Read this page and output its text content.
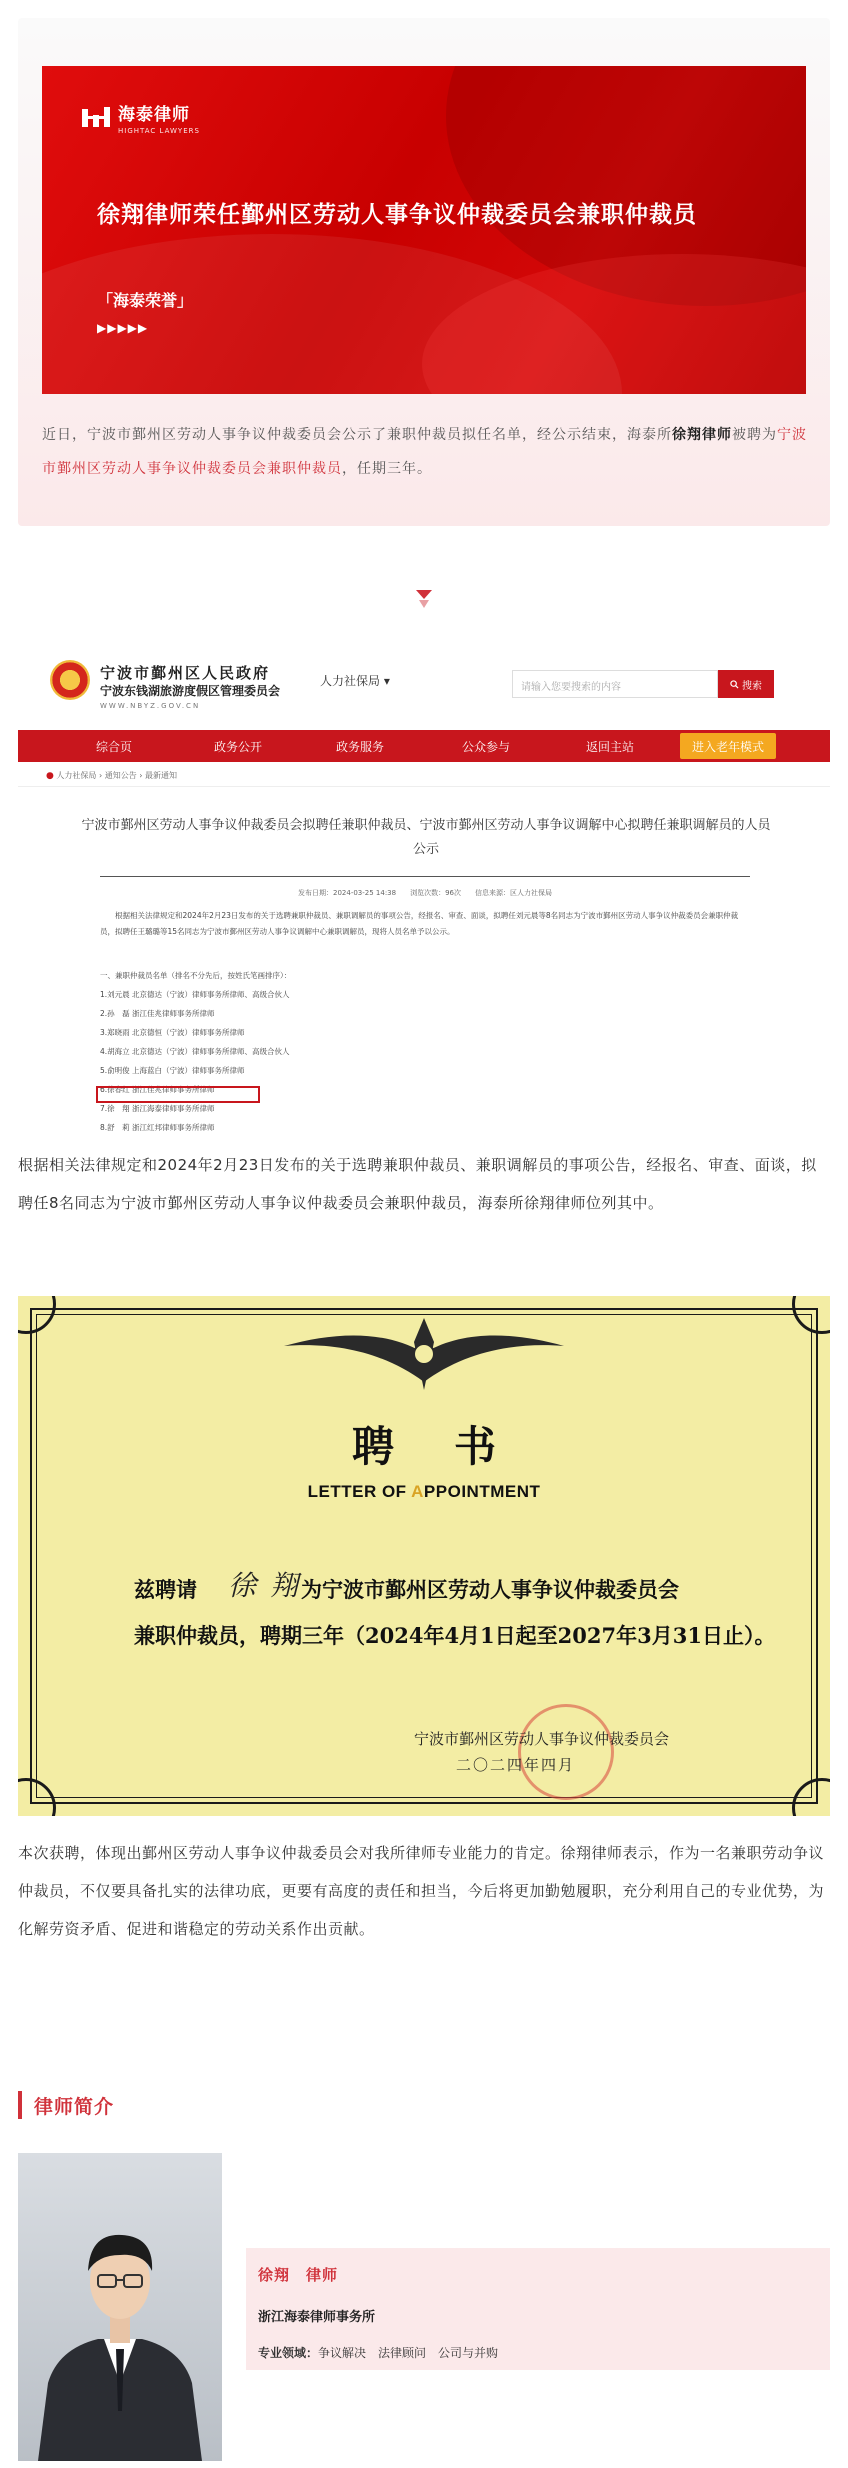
海泰律师
HIGHTAC LAWYERS
徐翔律师荣任鄞州区劳动人事争议仲裁委员会兼职仲裁员
「海泰荣誉」
▶▶▶▶▶
近日，宁波市鄞州区劳动人事争议仲裁委员会公示了兼职仲裁员拟任名单，经公示结束，海泰所徐翔律师被聘为宁波市鄞州区劳动人事争议仲裁委员会兼职仲裁员，任期三年。
宁波市鄞州区人民政府
宁波东钱湖旅游度假区管理委员会
WWW.NBYZ.GOV.CN
人力社保局 ▾	请输入您要搜索的内容	搜索
综合页	政务公开	政务服务	公众参与	返回主站	进入老年模式
● 人力社保局 › 通知公告 › 最新通知
宁波市鄞州区劳动人事争议仲裁委员会拟聘任兼职仲裁员、宁波市鄞州区劳动人事争议调解中心拟聘任兼职调解员的人员公示
发布日期：2024-03-25 14:38　　浏览次数：96次　　信息来源：区人力社保局
根据相关法律规定和2024年2月23日发布的关于选聘兼职仲裁员、兼职调解员的事项公告，经报名、审查、面谈，拟聘任刘元晨等8名同志为宁波市鄞州区劳动人事争议仲裁委员会兼职仲裁员，拟聘任王璐璐等15名同志为宁波市鄞州区劳动人事争议调解中心兼职调解员，现将人员名单予以公示。
一、兼职仲裁员名单（排名不分先后，按姓氏笔画排序）：
1.刘元晨 北京德达（宁波）律师事务所律师、高级合伙人
2.孙　磊 浙江佳兆律师事务所律师
3.郑晓雨 北京德恒（宁波）律师事务所律师
4.胡海立 北京德达（宁波）律师事务所律师、高级合伙人
5.俞明俊 上海蓝白（宁波）律师事务所律师
6.徐春红 浙江佳兆律师事务所律师
7.徐　翔 浙江海泰律师事务所律师
8.舒　莉 浙江红邦律师事务所律师
根据相关法律规定和2024年2月23日发布的关于选聘兼职仲裁员、兼职调解员的事项公告，经报名、审查、面谈，拟聘任8名同志为宁波市鄞州区劳动人事争议仲裁委员会兼职仲裁员，海泰所徐翔律师位列其中。
聘书
LETTER OF APPOINTMENT
兹聘请	为宁波市鄞州区劳动人事争议仲裁委员会
徐翔
兼职仲裁员，聘期三年（2024年4月1日起至2027年3月31日止）。
宁波市鄞州区劳动人事争议仲裁委员会
二〇二四年四月
本次获聘，体现出鄞州区劳动人事争议仲裁委员会对我所律师专业能力的肯定。徐翔律师表示，作为一名兼职劳动争议仲裁员，不仅要具备扎实的法律功底，更要有高度的责任和担当，今后将更加勤勉履职，充分利用自己的专业优势，为化解劳资矛盾、促进和谐稳定的劳动关系作出贡献。
律师简介
徐翔　律师
浙江海泰律师事务所
专业领域：争议解决　法律顾问　公司与并购
